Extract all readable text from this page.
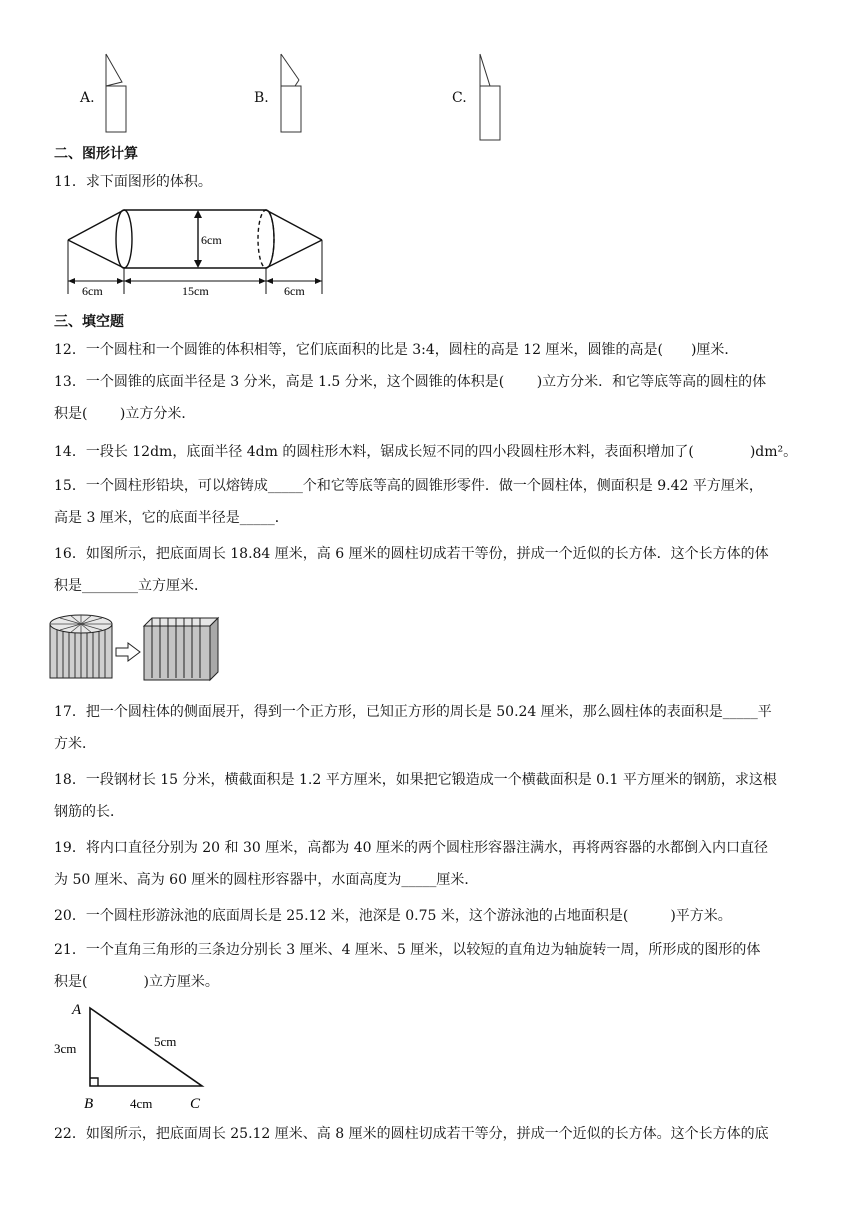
A.	B.	C.
二、图形计算
11．求下面图形的体积。
6cm
6cm	15cm	6cm
三、填空题
12．一个圆柱和一个圆锥的体积相等，它们底面积的比是 3:4，圆柱的高是 12 厘米，圆锥的高是(　　)厘米．
13．一个圆锥的底面半径是 3 分米，高是 1.5 分米，这个圆锥的体积是(　　 )立方分米．和它等底等高的圆柱的体
积是(　　 )立方分米．
14．一段长 12dm，底面半径 4dm 的圆柱形木料，锯成长短不同的四小段圆柱形木料，表面积增加了(　　　　)dm²。
15．一个圆柱形铅块，可以熔铸成_____个和它等底等高的圆锥形零件．做一个圆柱体，侧面积是 9.42 平方厘米，
高是 3 厘米，它的底面半径是_____．
16．如图所示，把底面周长 18.84 厘米，高 6 厘米的圆柱切成若干等份，拼成一个近似的长方体．这个长方体的体
积是________立方厘米．
17．把一个圆柱体的侧面展开，得到一个正方形，已知正方形的周长是 50.24 厘米，那么圆柱体的表面积是_____平
方米．
18．一段钢材长 15 分米，横截面积是 1.2 平方厘米，如果把它锻造成一个横截面积是 0.1 平方厘米的钢筋，求这根
钢筋的长．
19．将内口直径分别为 20 和 30 厘米，高都为 40 厘米的两个圆柱形容器注满水，再将两容器的水都倒入内口直径
为 50 厘米、高为 60 厘米的圆柱形容器中，水面高度为_____厘米．
20．一个圆柱形游泳池的底面周长是 25.12 米，池深是 0.75 米，这个游泳池的占地面积是(　　　)平方米。
21．一个直角三角形的三条边分别长 3 厘米、4 厘米、5 厘米，以较短的直角边为轴旋转一周，所形成的图形的体
积是(　　　　)立方厘米。
A
B	C
3cm
4cm
5cm
22．如图所示，把底面周长 25.12 厘米、高 8 厘米的圆柱切成若干等分，拼成一个近似的长方体。这个长方体的底
